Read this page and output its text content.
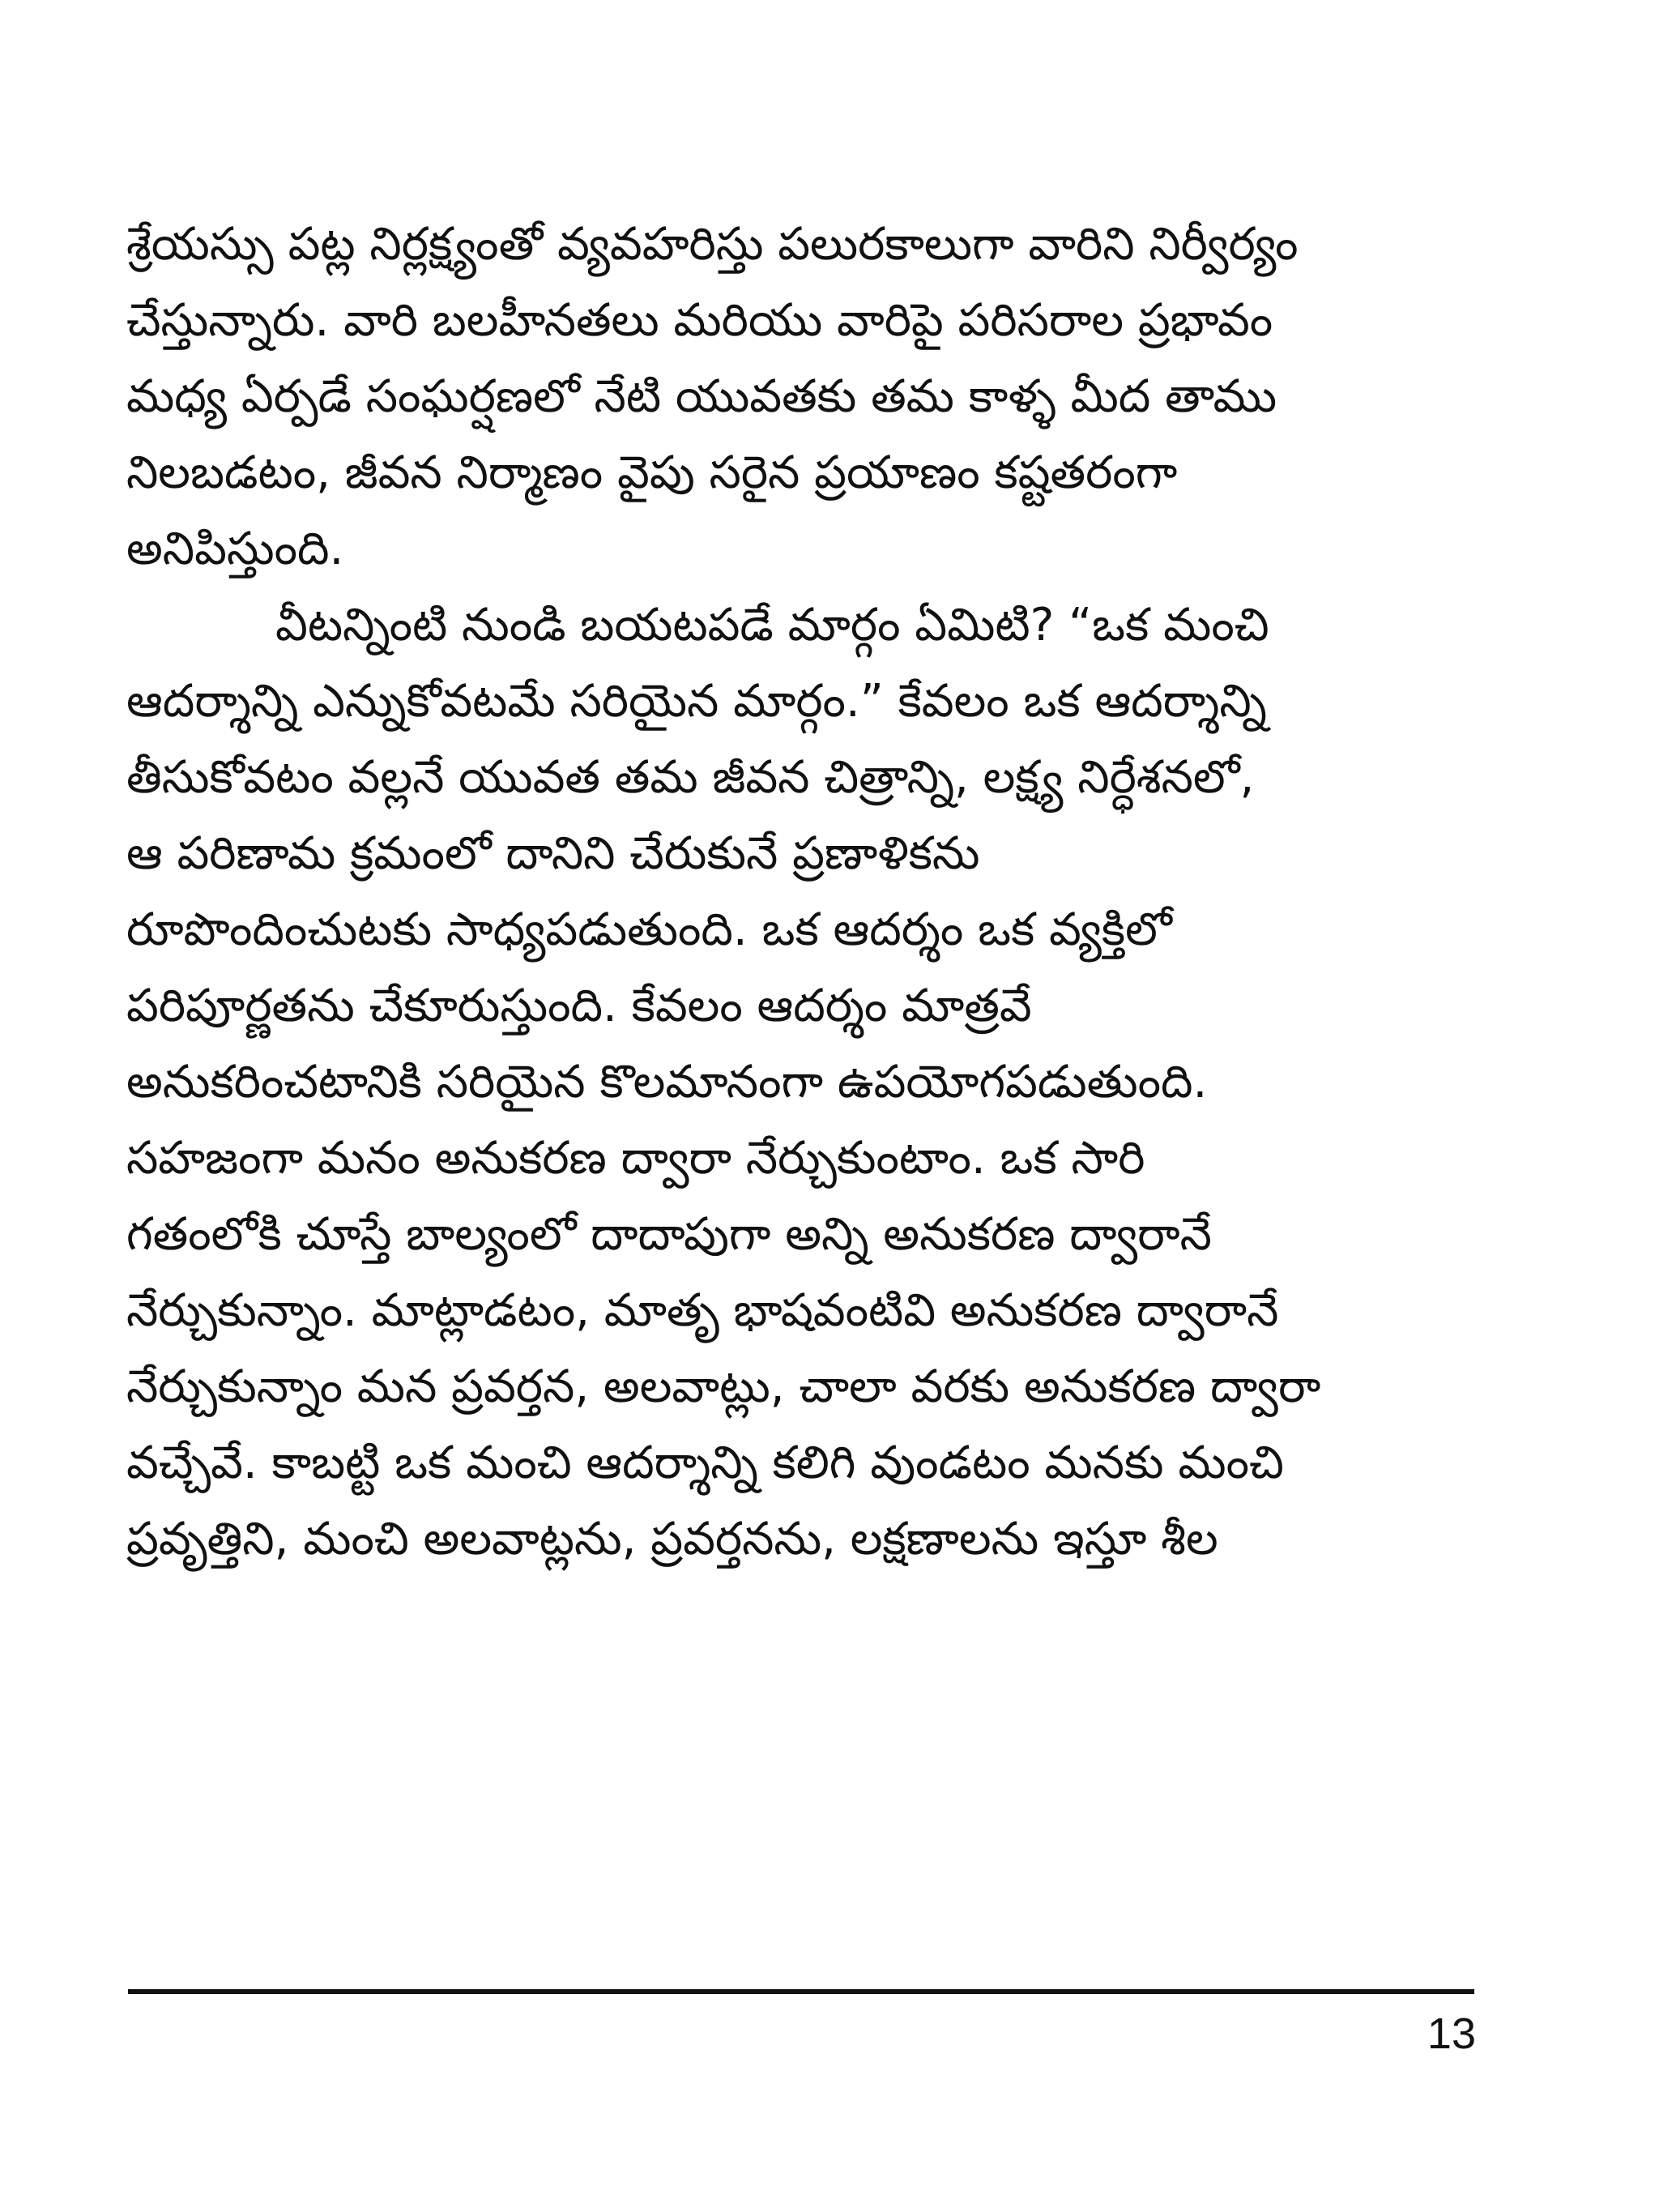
శ్రేయస్సు పట్ల నిర్లక్ష్యంతో వ్యవహరిస్తు పలురకాలుగా వారిని నిర్వీర్యం
చేస్తున్నారు. వారి బలహీనతలు మరియు వారిపై పరిసరాల ప్రభావం
మధ్య ఏర్పడే సంఘర్షణలో నేటి యువతకు తమ కాళ్ళ మీద తాము
నిలబడటం, జీవన నిర్మాణం వైపు సరైన ప్రయాణం కష్టతరంగా
అనిపిస్తుంది.
వీటన్నింటి నుండి బయటపడే మార్గం ఏమిటి? “ఒక మంచి
ఆదర్శాన్ని ఎన్నుకోవటమే సరియైన మార్గం.” కేవలం ఒక ఆదర్శాన్ని
తీసుకోవటం వల్లనే యువత తమ జీవన చిత్రాన్ని, లక్ష్య నిర్ధేశనలో,
ఆ పరిణామ క్రమంలో దానిని చేరుకునే ప్రణాళికను
రూపొందించుటకు సాధ్యపడుతుంది. ఒక ఆదర్శం ఒక వ్యక్తిలో
పరిపూర్ణతను చేకూరుస్తుంది. కేవలం ఆదర్శం మాత్రవే
అనుకరించటానికి సరియైన కొలమానంగా ఉపయోగపడుతుంది.
సహజంగా మనం అనుకరణ ద్వారా నేర్చుకుంటాం. ఒక సారి
గతంలోకి చూస్తే బాల్యంలో దాదాపుగా అన్ని అనుకరణ ద్వారానే
నేర్చుకున్నాం. మాట్లాడటం, మాతృ భాషవంటివి అనుకరణ ద్వారానే
నేర్చుకున్నాం మన ప్రవర్తన, అలవాట్లు, చాలా వరకు అనుకరణ ద్వారా
వచ్చేవే. కాబట్టి ఒక మంచి ఆదర్శాన్ని కలిగి వుండటం మనకు మంచి
ప్రవృత్తిని, మంచి అలవాట్లను, ప్రవర్తనను, లక్షణాలను ఇస్తూ శీల
13
